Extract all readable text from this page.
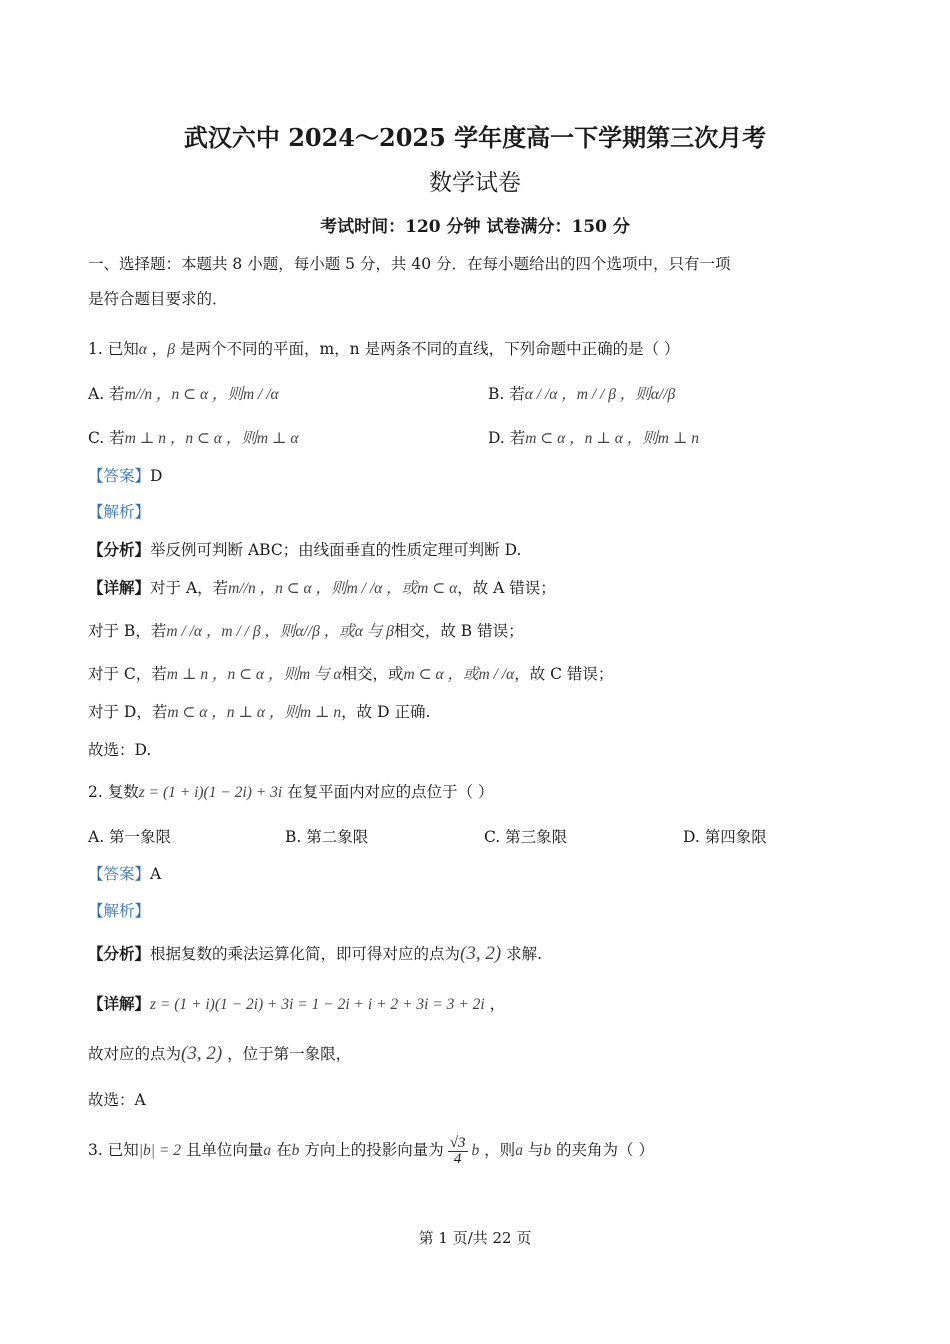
武汉六中 2024～2025 学年度高一下学期第三次月考
数学试卷
考试时间：120 分钟 试卷满分：150 分
一、选择题：本题共 8 小题，每小题 5 分，共 40 分．在每小题给出的四个选项中，只有一项
是符合题目要求的．
1. 已知α ，β 是两个不同的平面，m，n 是两条不同的直线，下列命题中正确的是（ ）
A. 若m//n ，n ⊂ α ，则m / /α	B. 若α / /α ，m / / β ，则α//β
C. 若m ⊥ n ，n ⊂ α ，则m ⊥ α	D. 若m ⊂ α ，n ⊥ α ，则m ⊥ n
【答案】D
【解析】
【分析】举反例可判断 ABC；由线面垂直的性质定理可判断 D.
【详解】对于 A，若m//n ，n ⊂ α ，则m / /α ，或m ⊂ α，故 A 错误；
对于 B，若m / /α ，m / / β ，则α//β ，或α 与 β相交，故 B 错误；
对于 C，若m ⊥ n ，n ⊂ α ，则m 与 α相交，或m ⊂ α ，或m / /α，故 C 错误；
对于 D，若m ⊂ α ，n ⊥ α ，则m ⊥ n，故 D 正确.
故选：D.
2. 复数z = (1 + i)(1 − 2i) + 3i 在复平面内对应的点位于（ ）
A. 第一象限	B. 第二象限	C. 第三象限	D. 第四象限
【答案】A
【解析】
【分析】根据复数的乘法运算化简，即可得对应的点为(3, 2) 求解.
【详解】z = (1 + i)(1 − 2i) + 3i = 1 − 2i + i + 2 + 3i = 3 + 2i ，
故对应的点为(3, 2) ，位于第一象限，
故选：A
3. 已知|b| = 2 且单位向量a 在b 方向上的投影向量为 $\frac{√3}{4}$ b ，则a 与b 的夹角为（ ）
第 1 页/共 22 页
